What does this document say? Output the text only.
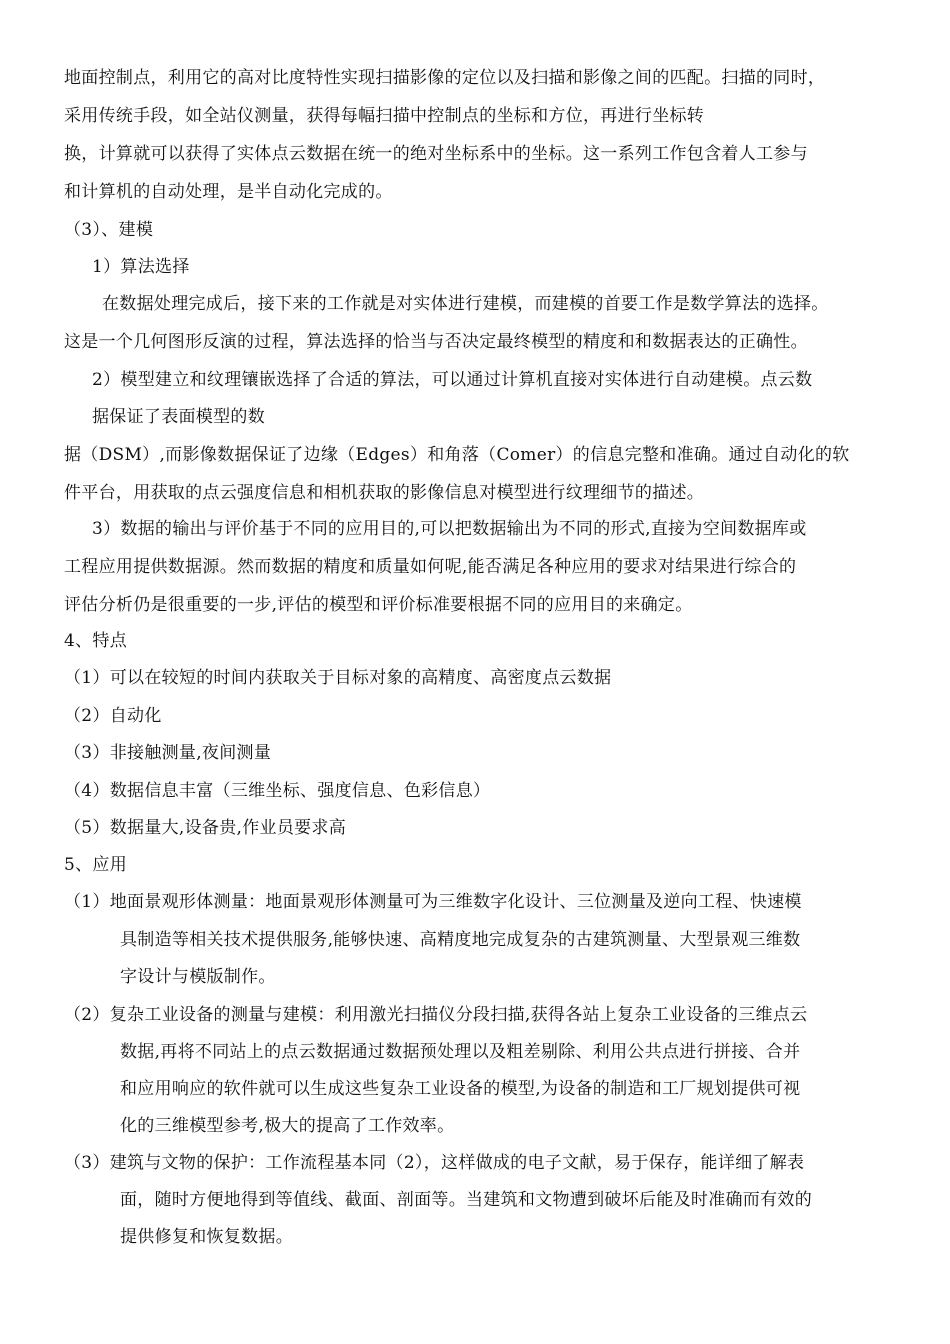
地面控制点，利用它的高对比度特性实现扫描影像的定位以及扫描和影像之间的匹配。扫描的同时，
采用传统手段，如全站仪测量，获得每幅扫描中控制点的坐标和方位，再进行坐标转
换，计算就可以获得了实体点云数据在统一的绝对坐标系中的坐标。这一系列工作包含着人工参与
和计算机的自动处理，是半自动化完成的。
（3）、建模
1）算法选择
在数据处理完成后，接下来的工作就是对实体进行建模，而建模的首要工作是数学算法的选择。
这是一个几何图形反演的过程，算法选择的恰当与否决定最终模型的精度和和数据表达的正确性。
2）模型建立和纹理镶嵌选择了合适的算法，可以通过计算机直接对实体进行自动建模。点云数
据保证了表面模型的数
据（DSM）,而影像数据保证了边缘（Edges）和角落（Comer）的信息完整和准确。通过自动化的软
件平台，用获取的点云强度信息和相机获取的影像信息对模型进行纹理细节的描述。
3）数据的输出与评价基于不同的应用目的,可以把数据输出为不同的形式,直接为空间数据库或
工程应用提供数据源。然而数据的精度和质量如何呢,能否满足各种应用的要求对结果进行综合的
评估分析仍是很重要的一步,评估的模型和评价标准要根据不同的应用目的来确定。
4、特点
（1）可以在较短的时间内获取关于目标对象的高精度、高密度点云数据
（2）自动化
（3）非接触测量,夜间测量
（4）数据信息丰富（三维坐标、强度信息、色彩信息）
（5）数据量大,设备贵,作业员要求高
5、应用
（1）地面景观形体测量：地面景观形体测量可为三维数字化设计、三位测量及逆向工程、快速模
具制造等相关技术提供服务,能够快速、高精度地完成复杂的古建筑测量、大型景观三维数
字设计与模版制作。
（2）复杂工业设备的测量与建模：利用激光扫描仪分段扫描,获得各站上复杂工业设备的三维点云
数据,再将不同站上的点云数据通过数据预处理以及粗差剔除、利用公共点进行拼接、合并
和应用响应的软件就可以生成这些复杂工业设备的模型,为设备的制造和工厂规划提供可视
化的三维模型参考,极大的提高了工作效率。
（3）建筑与文物的保护：工作流程基本同（2），这样做成的电子文献，易于保存，能详细了解表
面，随时方便地得到等值线、截面、剖面等。当建筑和文物遭到破坏后能及时准确而有效的
提供修复和恢复数据。
